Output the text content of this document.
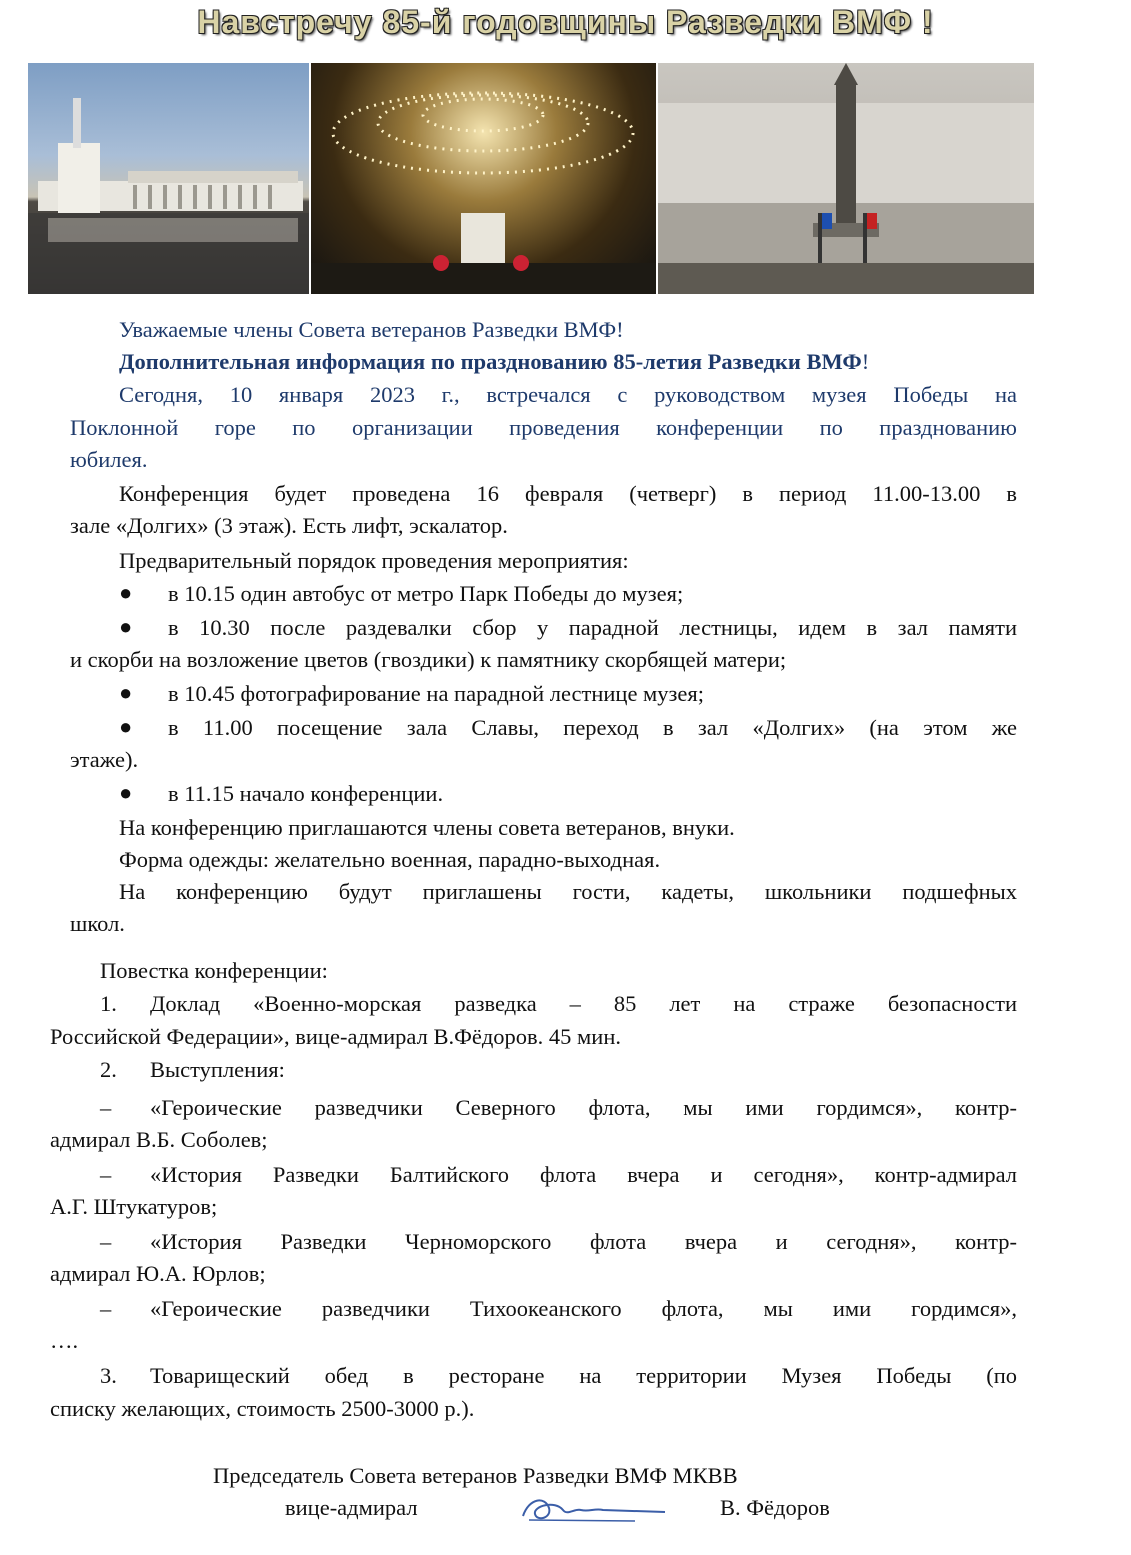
Навстречу 85-й годовщины Разведки ВМФ !
Уважаемые члены Совета ветеранов Разведки ВМФ!
Дополнительная информация по празднованию 85-летия Разведки ВМФ!
Сегодня, 10 января 2023 г., встречался с руководством музея Победы на
Поклонной горе по организации проведения конференции по празднованию
юбилея.
Конференция будет проведена 16 февраля (четверг) в период 11.00-13.00 в
зале «Долгих» (3 этаж). Есть лифт, эскалатор.
Предварительный порядок проведения мероприятия:
● в 10.15 один автобус от метро Парк Победы до музея;
● в 10.30 после раздевалки сбор у парадной лестницы, идем в зал памяти
и скорби на возложение цветов (гвоздики) к памятнику скорбящей матери;
● в 10.45 фотографирование на парадной лестнице музея;
● в 11.00 посещение зала Славы, переход в зал «Долгих» (на этом же
этаже).
● в 11.15 начало конференции.
На конференцию приглашаются члены совета ветеранов, внуки.
Форма одежды: желательно военная, парадно-выходная.
На конференцию будут приглашены гости, кадеты, школьники подшефных
школ.
Повестка конференции:
1. Доклад «Военно-морская разведка – 85 лет на страже безопасности
Российской Федерации», вице-адмирал В.Фёдоров. 45 мин.
2. Выступления:
– «Героические разведчики Северного флота, мы ими гордимся», контр-
адмирал В.Б. Соболев;
– «История Разведки Балтийского флота вчера и сегодня», контр-адмирал
А.Г. Штукатуров;
– «История Разведки Черноморского флота вчера и сегодня», контр-
адмирал Ю.А. Юрлов;
– «Героические разведчики Тихоокеанского флота, мы ими гордимся»,
….
3. Товарищеский обед в ресторане на территории Музея Победы (по
списку желающих, стоимость 2500-3000 р.).
Председатель Совета ветеранов Разведки ВМФ МКВВ
вице-адмирал	В. Фёдоров
